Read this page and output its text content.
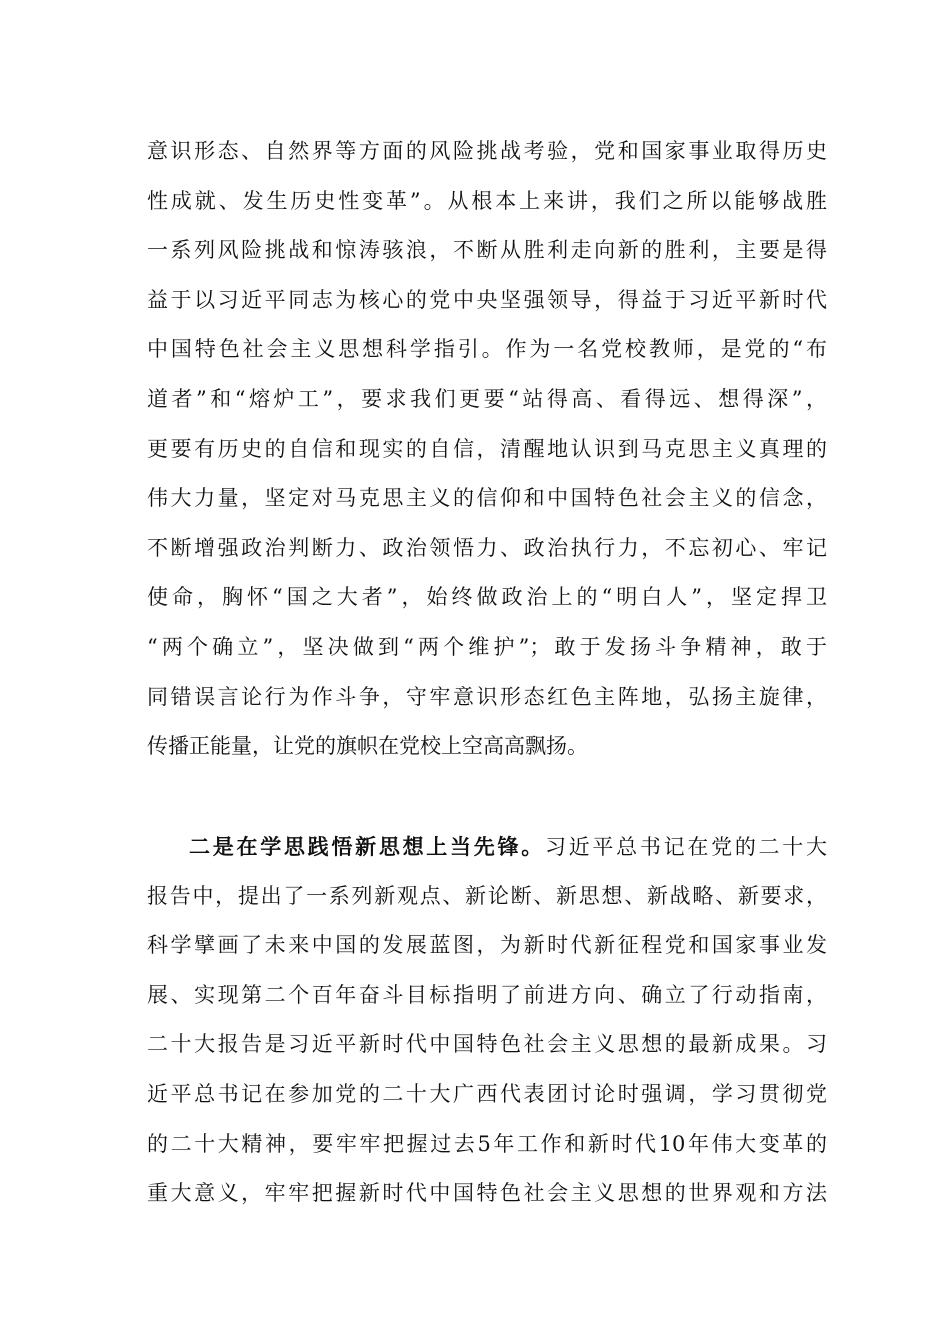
意识形态、自然界等方面的风险挑战考验，党和国家事业取得历史
性成就、发生历史性变革”。从根本上来讲，我们之所以能够战胜
一系列风险挑战和惊涛骇浪，不断从胜利走向新的胜利，主要是得
益于以习近平同志为核心的党中央坚强领导，得益于习近平新时代
中国特色社会主义思想科学指引。作为一名党校教师，是党的“布
道者”和“熔炉工”，要求我们更要“站得高、看得远、想得深”，
更要有历史的自信和现实的自信，清醒地认识到马克思主义真理的
伟大力量，坚定对马克思主义的信仰和中国特色社会主义的信念，
不断增强政治判断力、政治领悟力、政治执行力，不忘初心、牢记
使命，胸怀“国之大者”，始终做政治上的“明白人”，坚定捍卫
“两个确立”，坚决做到“两个维护”；敢于发扬斗争精神，敢于
同错误言论行为作斗争，守牢意识形态红色主阵地，弘扬主旋律，
传播正能量，让党的旗帜在党校上空高高飘扬。
二是在学思践悟新思想上当先锋。习近平总书记在党的二十大
报告中，提出了一系列新观点、新论断、新思想、新战略、新要求，
科学擘画了未来中国的发展蓝图，为新时代新征程党和国家事业发
展、实现第二个百年奋斗目标指明了前进方向、确立了行动指南，
二十大报告是习近平新时代中国特色社会主义思想的最新成果。习
近平总书记在参加党的二十大广西代表团讨论时强调，学习贯彻党
的二十大精神，要牢牢把握过去5年工作和新时代10年伟大变革的
重大意义，牢牢把握新时代中国特色社会主义思想的世界观和方法
